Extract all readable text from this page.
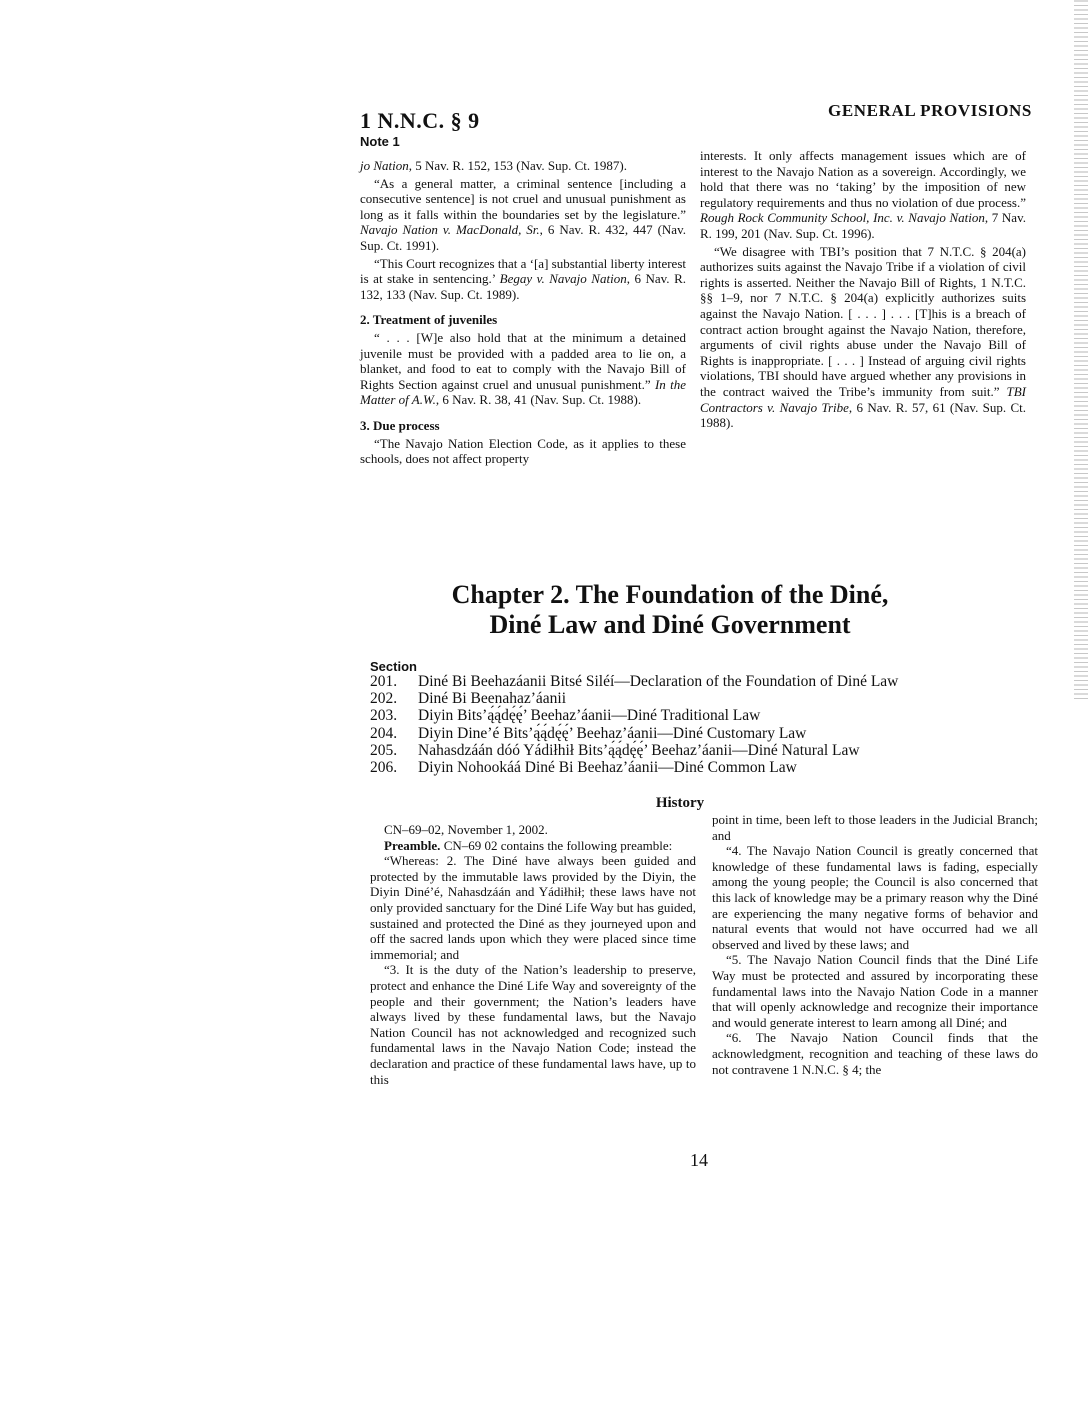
1 N.N.C. § 9
Note 1
GENERAL PROVISIONS

jo Nation, 5 Nav. R. 152, 153 (Nav. Sup. Ct. 1987).

“As a general matter, a criminal sentence [including a consecutive sentence] is not cruel and unusual punishment as long as it falls within the boundaries set by the legislature.” Navajo Nation v. MacDonald, Sr., 6 Nav. R. 432, 447 (Nav. Sup. Ct. 1991).

“This Court recognizes that a ‘[a] substantial liberty interest is at stake in sentencing.’ Begay v. Navajo Nation, 6 Nav. R. 132, 133 (Nav. Sup. Ct. 1989).

2. Treatment of juveniles

“ . . . [W]e also hold that at the minimum a detained juvenile must be provided with a padded area to lie on, a blanket, and food to eat to comply with the Navajo Bill of Rights Section against cruel and unusual punishment.” In the Matter of A.W., 6 Nav. R. 38, 41 (Nav. Sup. Ct. 1988).

3. Due process

“The Navajo Nation Election Code, as it applies to these schools, does not affect property

interests. It only affects management issues which are of interest to the Navajo Nation as a sovereign. Accordingly, we hold that there was no ‘taking’ by the imposition of new regulatory requirements and thus no violation of due process.” Rough Rock Community School, Inc. v. Navajo Nation, 7 Nav. R. 199, 201 (Nav. Sup. Ct. 1996).

“We disagree with TBI’s position that 7 N.T.C. § 204(a) authorizes suits against the Navajo Tribe if a violation of civil rights is asserted. Neither the Navajo Bill of Rights, 1 N.T.C. §§ 1–9, nor 7 N.T.C. § 204(a) explicitly authorizes suits against the Navajo Nation. [ . . . ] . . . [T]his is a breach of contract action brought against the Navajo Nation, therefore, arguments of civil rights abuse under the Navajo Bill of Rights is inappropriate. [ . . . ] Instead of arguing civil rights violations, TBI should have argued whether any provisions in the contract waived the Tribe’s immunity from suit.” TBI Contractors v. Navajo Tribe, 6 Nav. R. 57, 61 (Nav. Sup. Ct. 1988).

Chapter 2. The Foundation of the Diné,
Diné Law and Diné Government
Section
201.	Diné Bi Beehazáanii Bitsé Siléí—Declaration of the Foundation of Diné Law
202.	Diné Bi Beenahaz’áanii
203.	Diyin Bits’ą́ą́dę́ę́’ Beehaz’áanii—Diné Traditional Law
204.	Diyin Dine’é Bits’ą́ą́dę́ę́’ Beehaz’áanii—Diné Customary Law
205.	Nahasdzáán dóó Yádiłhił Bits’ą́ą́dę́ę́’ Beehaz’áanii—Diné Natural Law
206.	Diyin Nohookáá Diné Bi Beehaz’áanii—Diné Common Law
History

CN–69–02, November 1, 2002.

Preamble. CN–69 02 contains the following preamble:

“Whereas: 2. The Diné have always been guided and protected by the immutable laws provided by the Diyin, the Diyin Diné’é, Nahasdzáán and Yádiłhił; these laws have not only provided sanctuary for the Diné Life Way but has guided, sustained and protected the Diné as they journeyed upon and off the sacred lands upon which they were placed since time immemorial; and

“3. It is the duty of the Nation’s leadership to preserve, protect and enhance the Diné Life Way and sovereignty of the people and their government; the Nation’s leaders have always lived by these fundamental laws, but the Navajo Nation Council has not acknowledged and recognized such fundamental laws in the Navajo Nation Code; instead the declaration and practice of these fundamental laws have, up to this

point in time, been left to those leaders in the Judicial Branch; and

“4. The Navajo Nation Council is greatly concerned that knowledge of these fundamental laws is fading, especially among the young people; the Council is also concerned that this lack of knowledge may be a primary reason why the Diné are experiencing the many negative forms of behavior and natural events that would not have occurred had we all observed and lived by these laws; and

“5. The Navajo Nation Council finds that the Diné Life Way must be protected and assured by incorporating these fundamental laws into the Navajo Nation Code in a manner that will openly acknowledge and recognize their importance and would generate interest to learn among all Diné; and

“6. The Navajo Nation Council finds that the acknowledgment, recognition and teaching of these laws do not contravene 1 N.N.C. § 4; the

14
